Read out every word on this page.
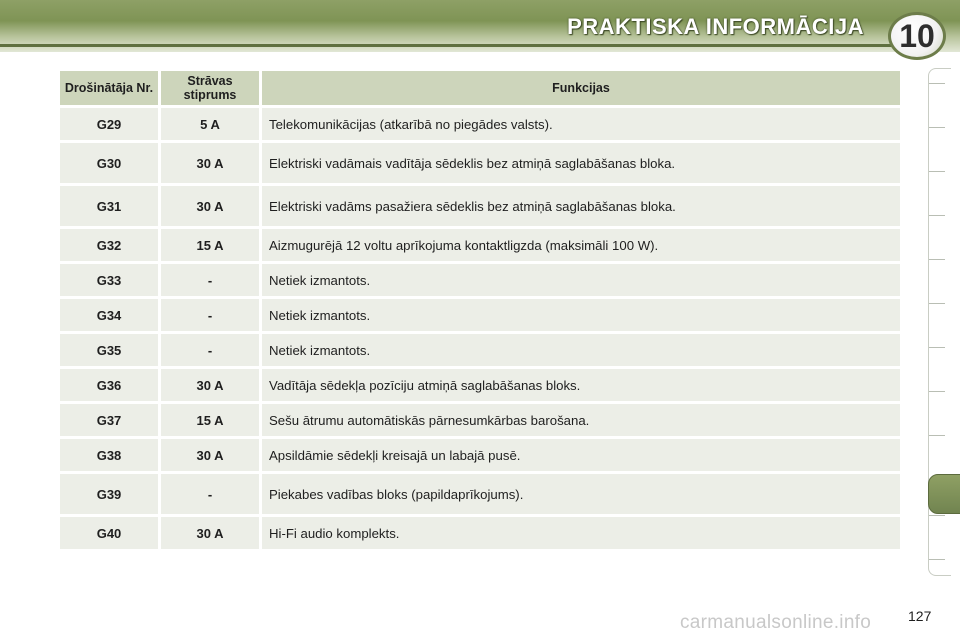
PRAKTISKA INFORMĀCIJA	10
Drošinātāja Nr.	Strāvas stiprums	Funkcijas
G29	5 A	Telekomunikācijas (atkarībā no piegādes valsts).
G30	30 A	Elektriski vadāmais vadītāja sēdeklis bez atmiņā saglabāšanas bloka.
G31	30 A	Elektriski vadāms pasažiera sēdeklis bez atmiņā saglabāšanas bloka.
G32	15 A	Aizmugurējā 12 voltu aprīkojuma kontaktligzda (maksimāli 100 W).
G33	-	Netiek izmantots.
G34	-	Netiek izmantots.
G35	-	Netiek izmantots.
G36	30 A	Vadītāja sēdekļa pozīciju atmiņā saglabāšanas bloks.
G37	15 A	Sešu ātrumu automātiskās pārnesumkārbas barošana.
G38	30 A	Apsildāmie sēdekļi kreisajā un labajā pusē.
G39	-	Piekabes vadības bloks (papildaprīkojums).
G40	30 A	Hi-Fi audio komplekts.
carmanualsonline.info	127
